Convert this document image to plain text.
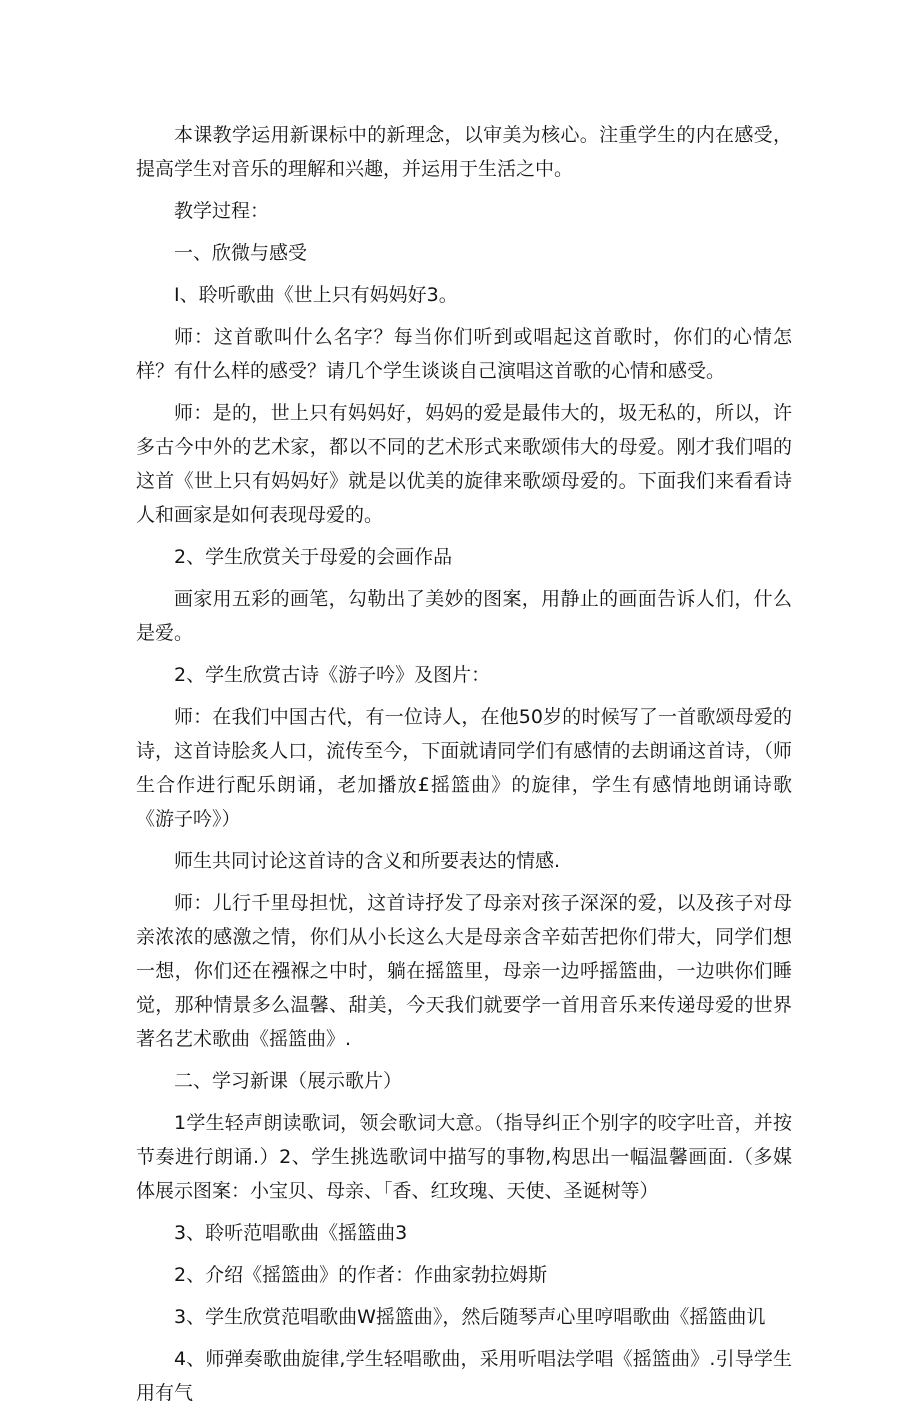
本课教学运用新课标中的新理念，以审美为核心。注重学生的内在感受，提高学生对音乐的理解和兴趣，并运用于生活之中。

教学过程：

一、欣微与感受

I、聆听歌曲《世上只有妈妈好3。

师：这首歌叫什么名字？每当你们听到或唱起这首歌时，你们的心情怎样？有什么样的感受？请几个学生谈谈自己演唱这首歌的心情和感受。

师：是的，世上只有妈妈好，妈妈的爱是最伟大的，圾无私的，所以，许多古今中外的艺术家，都以不同的艺术形式来歌颂伟大的母爱。刚才我们唱的这首《世上只有妈妈好》就是以优美的旋律来歌颂母爱的。下面我们来看看诗人和画家是如何表现母爱的。

2、学生欣赏关于母爱的会画作品

画家用五彩的画笔，勾勒出了美妙的图案，用静止的画面告诉人们，什么是爱。

2、学生欣赏古诗《游子吟》及图片：

师：在我们中国古代，有一位诗人，在他50岁的时候写了一首歌颂母爱的诗，这首诗脍炙人口，流传至今，下面就请同学们有感情的去朗诵这首诗，（师生合作进行配乐朗诵，老加播放£摇篮曲》的旋律，学生有感情地朗诵诗歌《游子吟》）

师生共同讨论这首诗的含义和所要表达的情感.

师：儿行千里母担忧，这首诗抒发了母亲对孩子深深的爱，以及孩子对母亲浓浓的感激之情，你们从小长这么大是母亲含辛茹苦把你们带大，同学们想一想，你们还在襁褓之中时，躺在摇篮里，母亲一边呼摇篮曲，一边哄你们睡觉，那种情景多么温馨、甜美，今天我们就要学一首用音乐来传递母爱的世界著名艺术歌曲《摇篮曲》.

二、学习新课（展示歌片）

1学生轻声朗读歌词，领会歌词大意。（指导纠正个别字的咬字吐音，并按节奏进行朗诵.）2、学生挑选歌词中描写的事物,构思出一幅温馨画面.（多媒体展示图案：小宝贝、母亲、「香、红玫瑰、天使、圣诞树等）

3、聆听范唱歌曲《摇篮曲3

2、介绍《摇篮曲》的作者：作曲家勃拉姆斯

3、学生欣赏范唱歌曲W摇篮曲》，然后随琴声心里哼唱歌曲《摇篮曲讥

4、师弹奏歌曲旋律,学生轻唱歌曲，采用听唱法学唱《摇篮曲》.引导学生用有气
